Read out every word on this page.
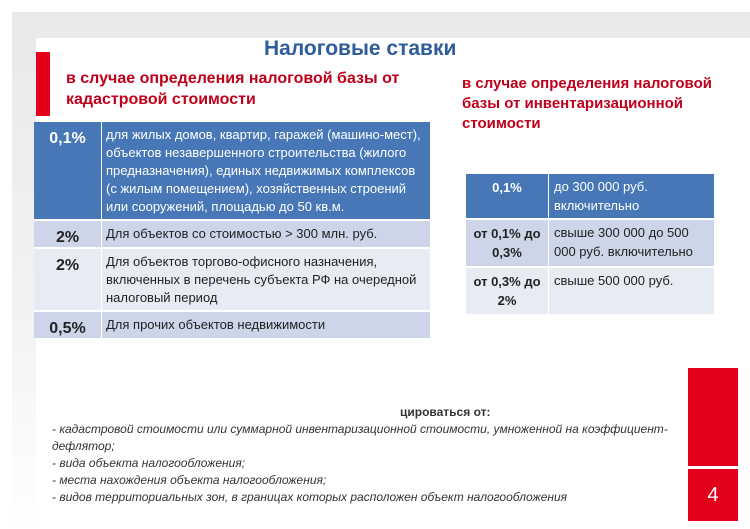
Налоговые ставки
в случае определения налоговой базы от кадастровой стоимости
в случае определения налоговой базы от инвентаризационной стоимости
0,1%	для жилых домов, квартир, гаражей (машино-мест), объектов незавершенного строительства (жилого предназначения), единых недвижимых комплексов (с жилым помещением), хозяйственных строений или сооружений, площадью до 50 кв.м.
2%	Для объектов со стоимостью > 300 млн. руб.
2%	Для объектов торгово-офисного назначения, включенных в перечень субъекта РФ на очередной налоговый период
0,5%	Для прочих объектов недвижимости
0,1%	до 300 000 руб. включительно
от 0,1% до 0,3%	свыше 300 000 до 500 000 руб. включительно
от 0,3% до 2%	свыше 500 000 руб.
цироваться от:
- кадастровой стоимости или суммарной инвентаризационной стоимости, умноженной на коэффициент-дефлятор;
- вида объекта налогообложения;
- места нахождения объекта налогообложения;
- видов территориальных зон, в границах которых расположен объект налогообложения	4
